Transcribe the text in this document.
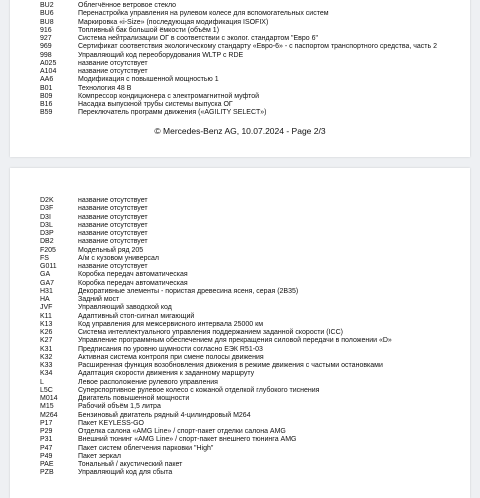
BU2	Облегчённое ветровое стекло
BU6	Перенастройка управления на рулевом колесе для вспомогательных систем
BU8	Маркировка «i-Size» (последующая модификация ISOFIX)
916	Топливный бак большой ёмкости (объём 1)
927	Система нейтрализации ОГ в соответствии с эколог. стандартом "Евро 6"
969	Сертификат соответствия экологическому стандарту «Евро-6» - с паспортом транспортного средства, часть 2
998	Управляющий код переоборудования WLTP с RDE
A025	название отсутствует
A104	название отсутствует
AA6	Модификация с повышенной мощностью 1
B01	Технология 48 В
B09	Компрессор кондиционера с электромагнитной муфтой
B16	Насадка выпускной трубы системы выпуска ОГ
B59	Переключатель программ движения («AGILITY SELECT»)
© Mercedes-Benz AG, 10.07.2024 - Page 2/3
D2K	название отсутствует
D3F	название отсутствует
D3I	название отсутствует
D3L	название отсутствует
D3P	название отсутствует
DB2	название отсутствует
F205	Модельный ряд 205
FS	А/м с кузовом универсал
G011	название отсутствует
GA	Коробка передач автоматическая
GA7	Коробка передач автоматическая
H31	Декоративные элементы - пористая древесина ясеня, серая (2B35)
HA	Задний мост
JVF	Управляющий заводской код
K11	Адаптивный стоп-сигнал мигающий
K13	Код управления для межсервисного интервала 25000 км
K26	Система интеллектуального управления поддержанием заданной скорости (ICC)
K27	Управление программным обеспечением для прекращения силовой передачи в положении «D»
K31	Предписания по уровню шумности согласно ЕЭК R51-03
K32	Активная система контроля при смене полосы движения
K33	Расширенная функция возобновления движения в режиме движения с частыми остановками
K34	Адаптация скорости движения к заданному маршруту
L	Левое расположение рулевого управления
L5C	Суперспортивное рулевое колесо с кожаной отделкой глубокого тиснения
M014	Двигатель повышенной мощности
M15	Рабочий объём 1,5 литра
M264	Бензиновый двигатель рядный 4-цилиндровый M264
P17	Пакет KEYLESS-GO
P29	Отделка салона «AMG Line» / спорт-пакет отделки салона AMG
P31	Внешний тюнинг «AMG Line» / спорт-пакет внешнего тюнинга AMG
P47	Пакет систем облегчения парковки "High"
P49	Пакет зеркал
PAE	Тональный / акустический пакет
PZB	Управляющий код для сбыта
